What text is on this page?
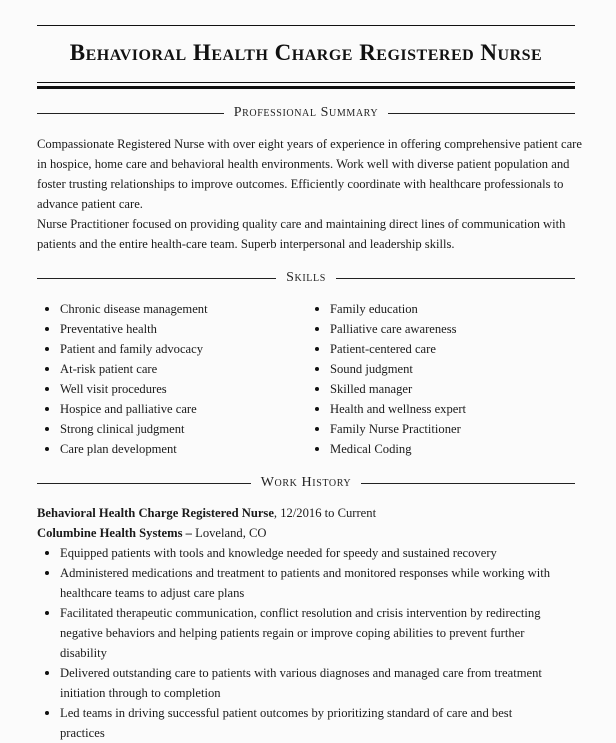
Behavioral Health Charge Registered Nurse
Professional Summary

Compassionate Registered Nurse with over eight years of experience in offering comprehensive patient care in hospice, home care and behavioral health environments. Work well with diverse patient population and foster trusting relationships to improve outcomes. Efficiently coordinate with healthcare professionals to advance patient care.

Nurse Practitioner focused on providing quality care and maintaining direct lines of communication with patients and the entire health-care team. Superb interpersonal and leadership skills.

Skills
Chronic disease management
Preventative health
Patient and family advocacy
At-risk patient care
Well visit procedures
Hospice and palliative care
Strong clinical judgment
Care plan development
Family education
Palliative care awareness
Patient-centered care
Sound judgment
Skilled manager
Health and wellness expert
Family Nurse Practitioner
Medical Coding
Work History
Behavioral Health Charge Registered Nurse, 12/2016 to Current
Columbine Health Systems – Loveland, CO
Equipped patients with tools and knowledge needed for speedy and sustained recovery
Administered medications and treatment to patients and monitored responses while working with healthcare teams to adjust care plans
Facilitated therapeutic communication, conflict resolution and crisis intervention by redirecting negative behaviors and helping patients regain or improve coping abilities to prevent further disability
Delivered outstanding care to patients with various diagnoses and managed care from treatment initiation through to completion
Led teams in driving successful patient outcomes by prioritizing standard of care and best practices
